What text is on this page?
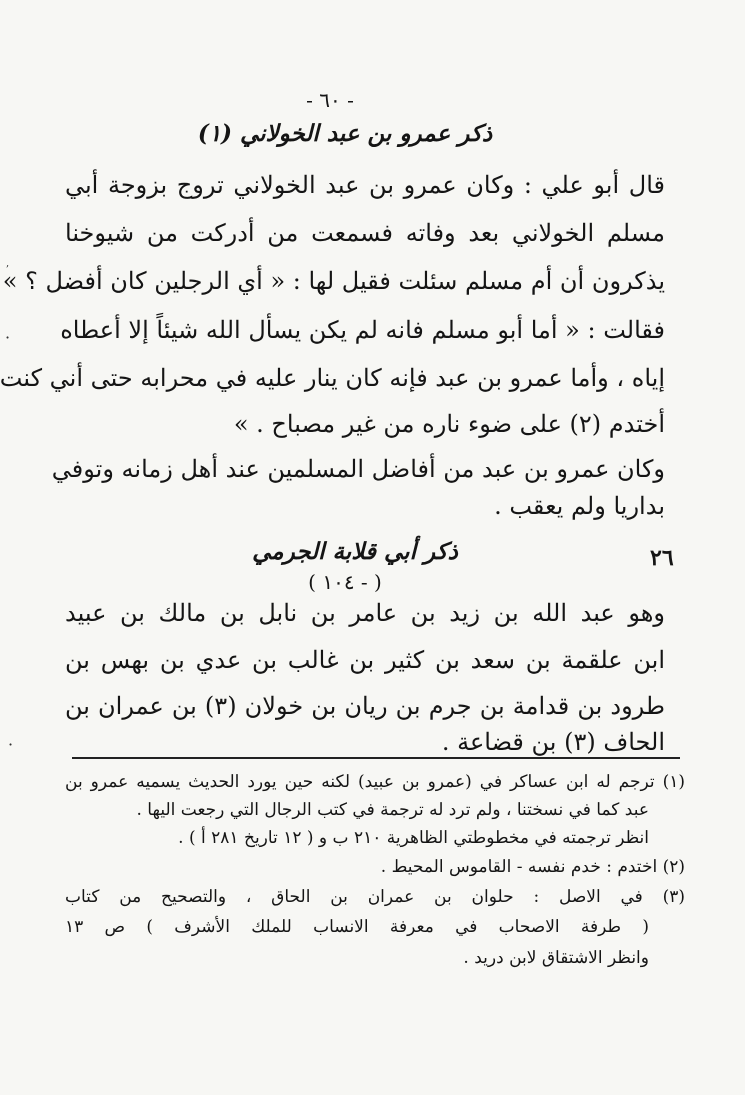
- ٦٠ -
ذكر عمرو بن عبد الخولاني (١)
قال أبو علي : وكان عمرو بن عبد الخولاني تروج بزوجة أبي
مسلم الخولاني بعد وفاته فسمعت من أدركت من شيوخنا
يذكرون أن أم مسلم سئلت فقيل لها : « أي الرجلين كان أفضل ؟ »
فقالت : « أما أبو مسلم فانه لم يكن يسأل الله شيئاً إلا أعطاه
إياه ، وأما عمرو بن عبد فإنه كان ينار عليه في محرابه حتى أني كنت
أختدم (٢) على ضوء ناره من غير مصباح . »
وكان عمرو بن عبد من أفاضل المسلمين عند أهل زمانه وتوفي
بداريا ولم يعقب .
٢٦
ذكر أبي قلابة الجرمي
( - ١٠٤ )
وهو عبد الله بن زيد بن عامر بن نابل بن مالك بن عبيد
ابن علقمة بن سعد بن كثير بن غالب بن عدي بن بهس بن
طرود بن قدامة بن جرم بن ريان بن خولان (٣) بن عمران بن
الحاف (٣) بن قضاعة .
(١) ترجم له ابن عساكر في (عمرو بن عبيد) لكنه حين يورد الحديث يسميه عمرو بن
عبد كما في نسختنا ، ولم ترد له ترجمة في كتب الرجال التي رجعت اليها .
انظر ترجمته في مخطوطتي الظاهرية ٢١٠ ب و ( ١٢ تاريخ ٢٨١ أ ) .
(٢) اختدم : خدم نفسه - القاموس المحيط .
(٣) في الاصل : حلوان بن عمران بن الحاق ، والتصحيح من كتاب
( طرفة الاصحاب في معرفة الانساب للملك الأشرف ) ص ١٣
وانظر الاشتقاق لابن دريد .
·
·
,
